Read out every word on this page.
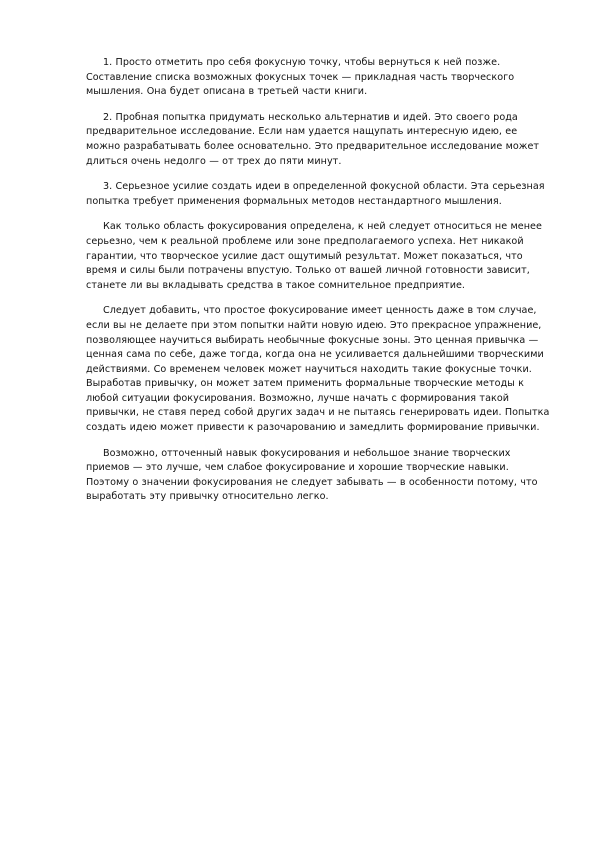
1. Просто отметить про себя фокусную точку, чтобы вернуться к ней позже. Составление списка возможных фокусных точек — прикладная часть творческого мышления. Она будет описана в третьей части книги.

2. Пробная попытка придумать несколько альтернатив и идей. Это своего рода предварительное исследование. Если нам удается нащупать интересную идею, ее можно разрабатывать более основательно. Это предварительное исследование может длиться очень недолго — от трех до пяти минут.

3. Серьезное усилие создать идеи в определенной фокусной области. Эта серьезная попытка требует применения формальных методов нестандартного мышления.

Как только область фокусирования определена, к ней следует относиться не менее серьезно, чем к реальной проблеме или зоне предполагаемого успеха. Нет никакой гарантии, что творческое усилие даст ощутимый результат. Может показаться, что время и силы были потрачены впустую. Только от вашей личной готовности зависит, станете ли вы вкладывать средства в такое сомнительное предприятие.

Следует добавить, что простое фокусирование имеет ценность даже в том случае, если вы не делаете при этом попытки найти новую идею. Это прекрасное упражнение, позволяющее научиться выбирать необычные фокусные зоны. Это ценная привычка — ценная сама по себе, даже тогда, когда она не усиливается дальнейшими творческими действиями. Со временем человек может научиться находить такие фокусные точки. Выработав привычку, он может затем применить формальные творческие методы к любой ситуации фокусирования. Возможно, лучше начать с формирования такой привычки, не ставя перед собой других задач и не пытаясь генерировать идеи. Попытка создать идею может привести к разочарованию и замедлить формирование привычки.

Возможно, отточенный навык фокусирования и небольшое знание творческих приемов — это лучше, чем слабое фокусирование и хорошие творческие навыки. Поэтому о значении фокусирования не следует забывать — в особенности потому, что выработать эту привычку относительно легко.
